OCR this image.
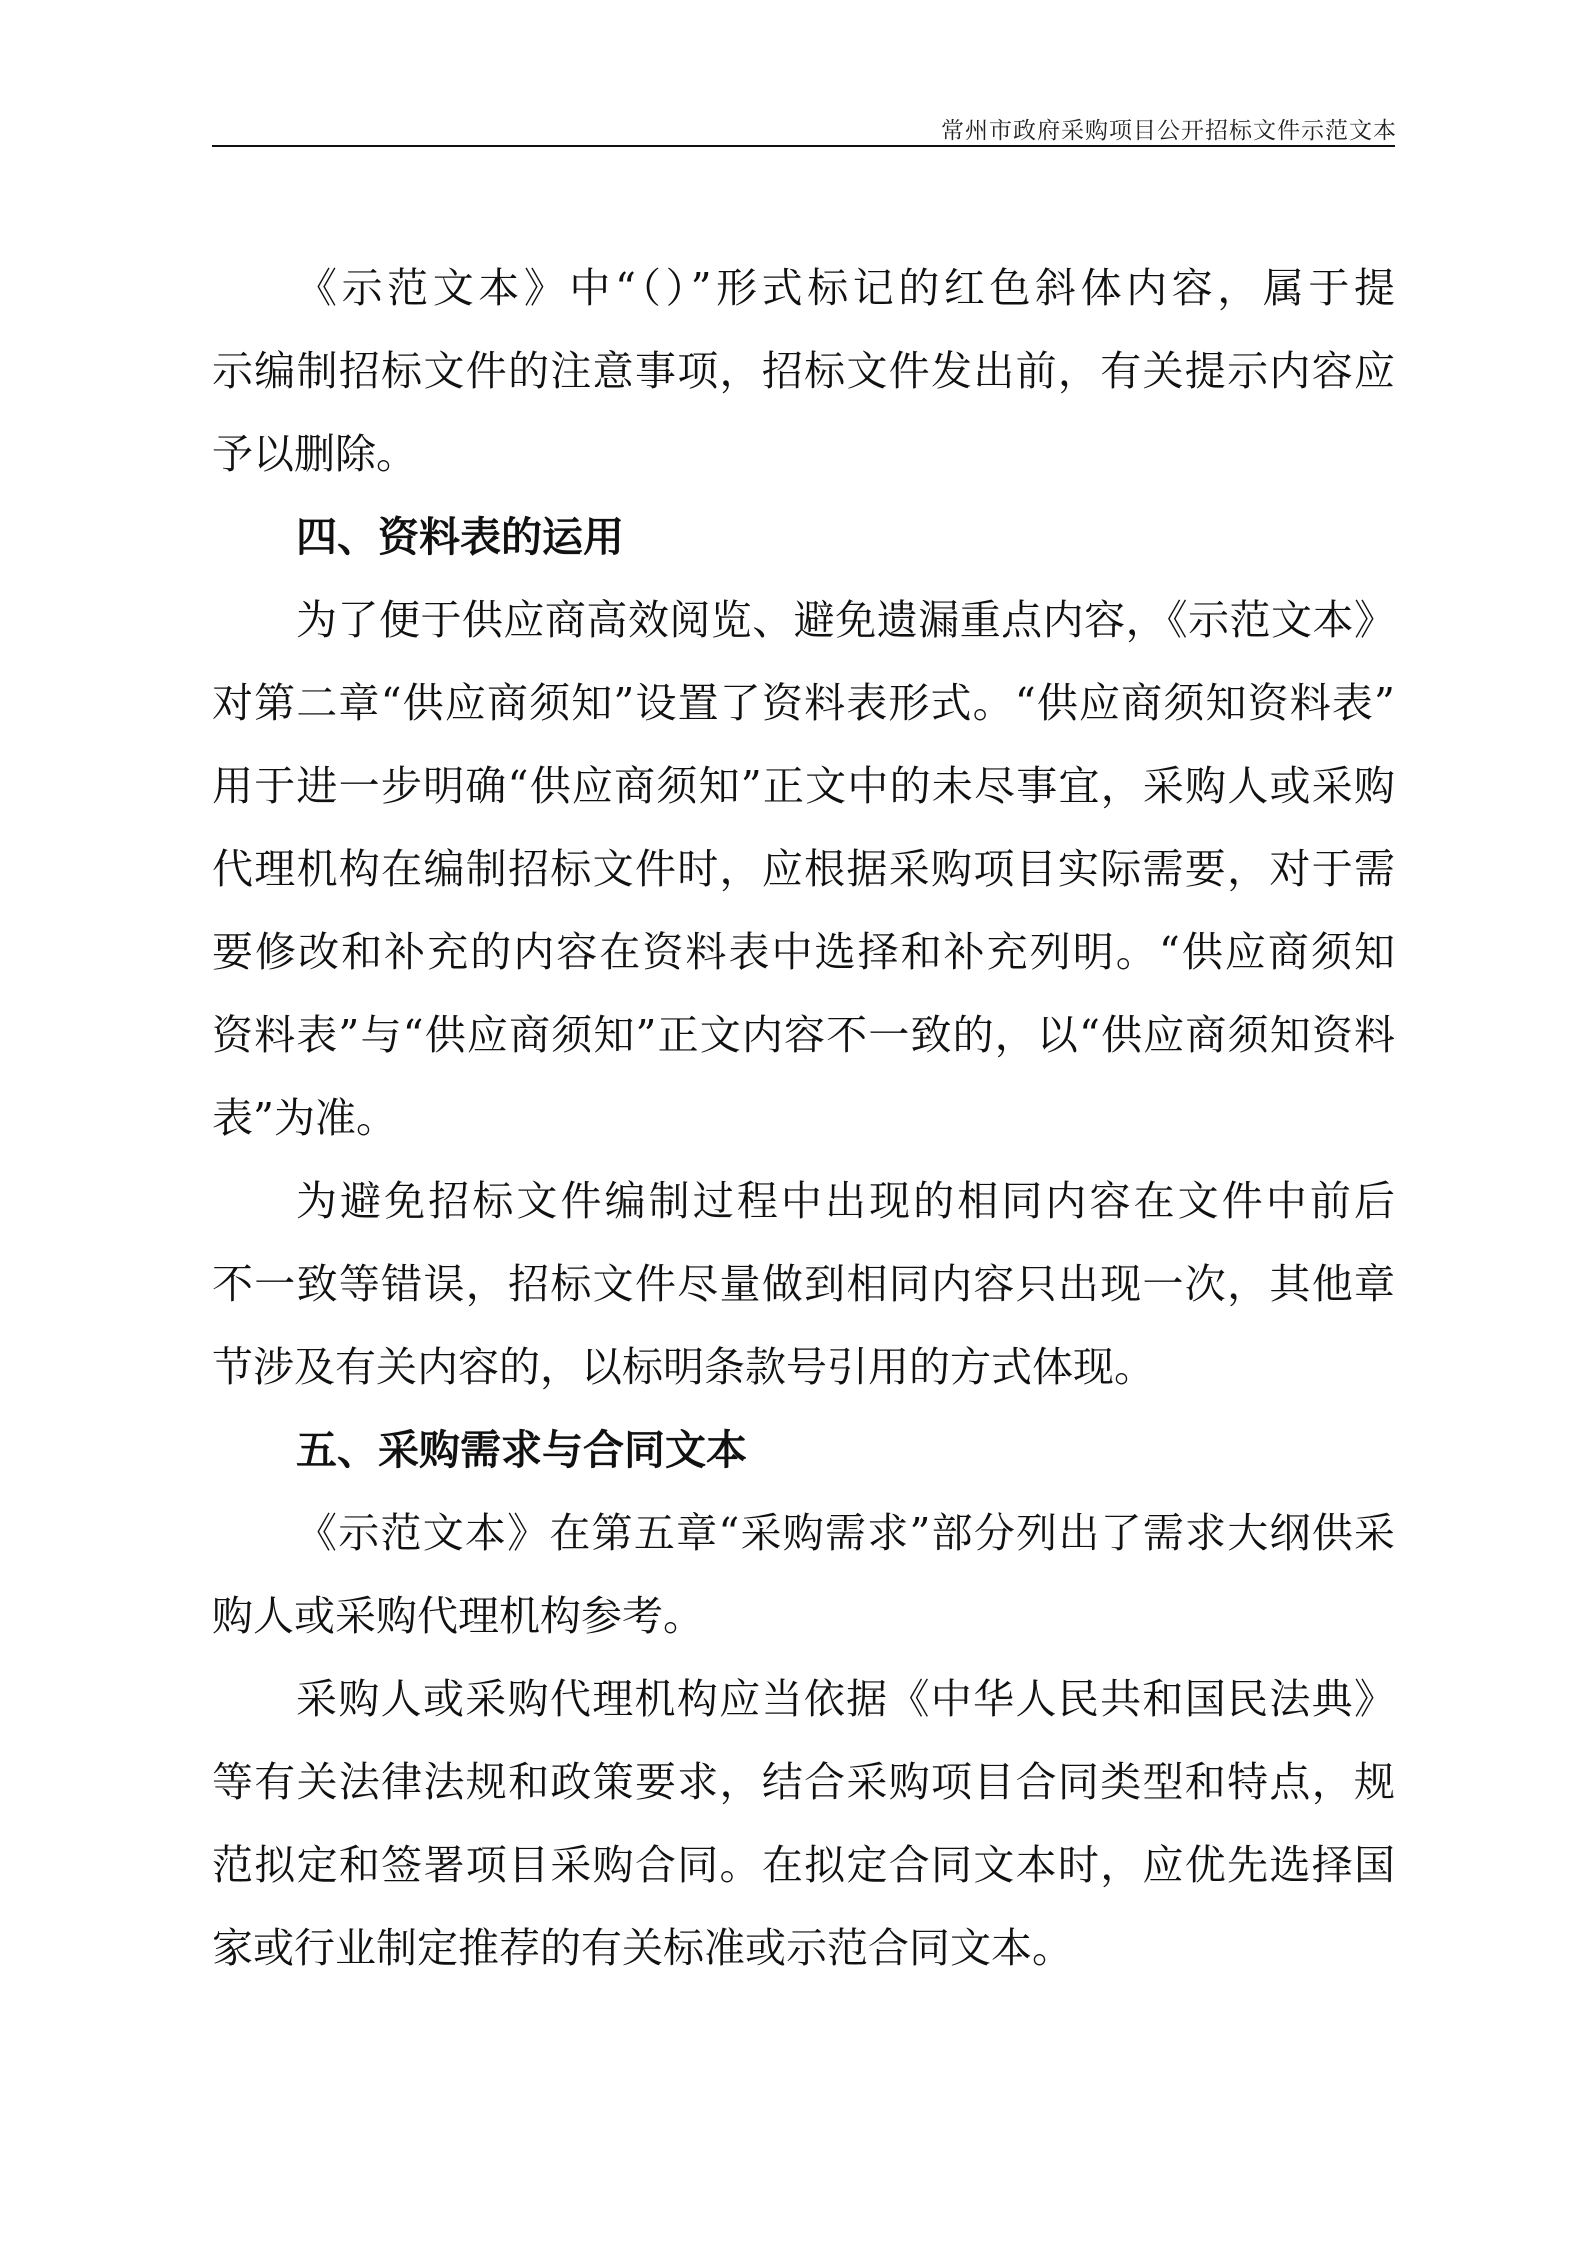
常州市政府采购项目公开招标文件示范文本
《示范文本》中“（）”形式标记的红色斜体内容，属于提
示编制招标文件的注意事项，招标文件发出前，有关提示内容应
予以删除。
四、资料表的运用
为了便于供应商高效阅览、避免遗漏重点内容，《示范文本》
对第二章“供应商须知”设置了资料表形式。“供应商须知资料表”
用于进一步明确“供应商须知”正文中的未尽事宜，采购人或采购
代理机构在编制招标文件时，应根据采购项目实际需要，对于需
要修改和补充的内容在资料表中选择和补充列明。“供应商须知
资料表”与“供应商须知”正文内容不一致的，以“供应商须知资料
表”为准。
为避免招标文件编制过程中出现的相同内容在文件中前后
不一致等错误，招标文件尽量做到相同内容只出现一次，其他章
节涉及有关内容的，以标明条款号引用的方式体现。
五、采购需求与合同文本
《示范文本》在第五章“采购需求”部分列出了需求大纲供采
购人或采购代理机构参考。
采购人或采购代理机构应当依据《中华人民共和国民法典》
等有关法律法规和政策要求，结合采购项目合同类型和特点，规
范拟定和签署项目采购合同。在拟定合同文本时，应优先选择国
家或行业制定推荐的有关标准或示范合同文本。
